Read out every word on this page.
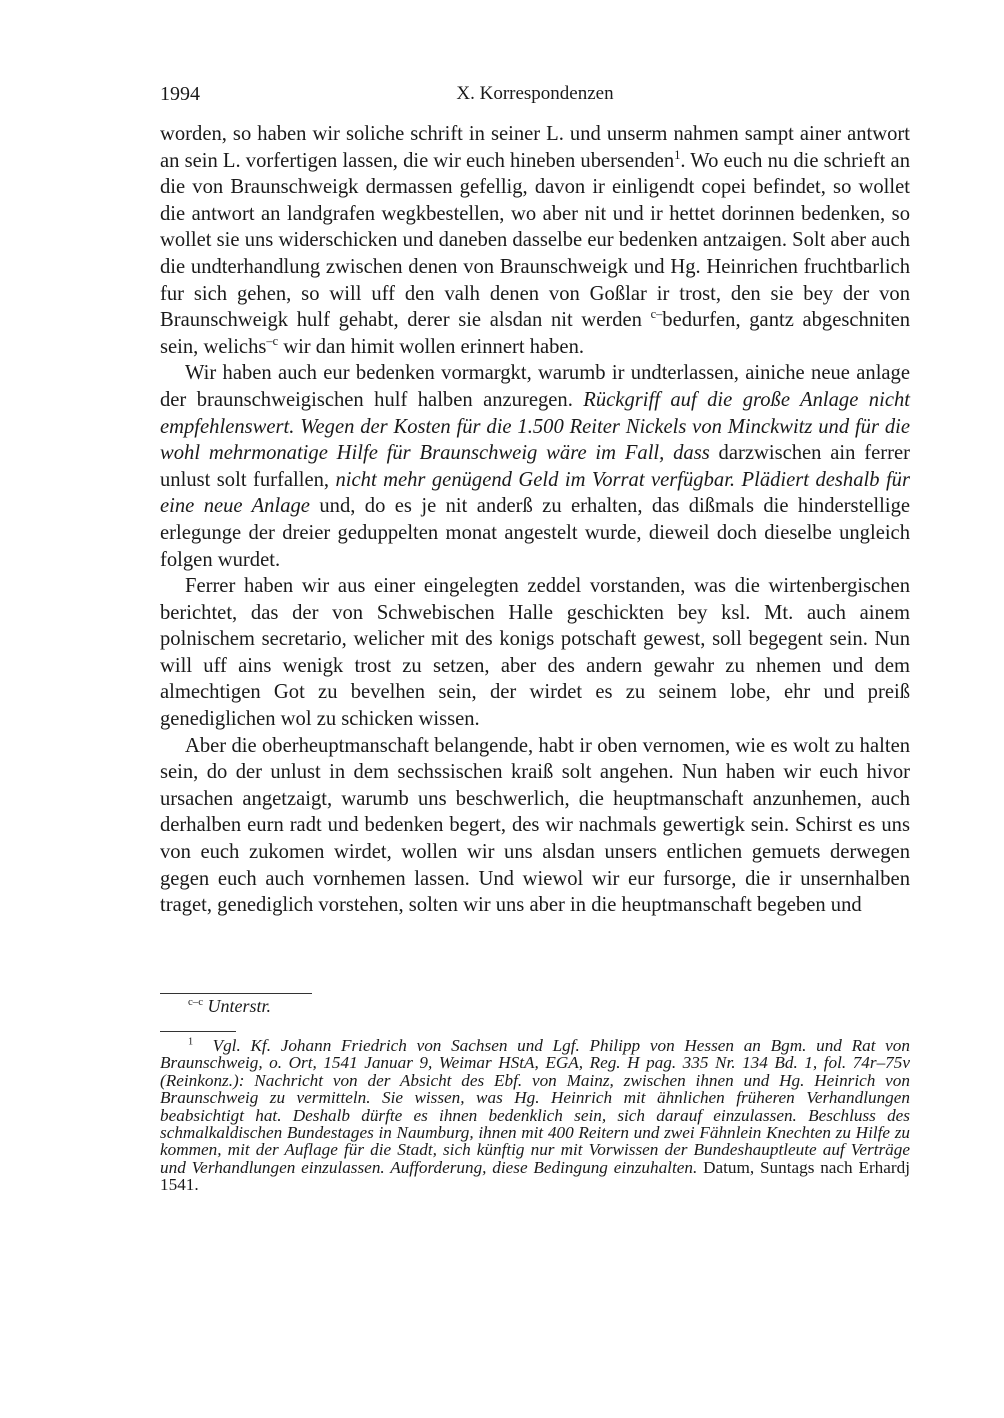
1994	X. Korrespondenzen

worden, so haben wir soliche schrift in seiner L. und unserm nahmen sampt ainer antwort an sein L. vorfertigen lassen, die wir euch hineben ubersenden$^1$. Wo euch nu die schrieft an die von Braunschweigk dermassen gefellig, davon ir einligendt copei befindet, so wollet die antwort an landgrafen wegkbestellen, wo aber nit und ir hettet dorinnen bedenken, so wollet sie uns widerschicken und daneben dasselbe eur bedenken antzaigen. Solt aber auch die undterhandlung zwischen denen von Braunschweigk und Hg. Heinrichen fruchtbarlich fur sich gehen, so will uff den valh denen von Goßlar ir trost, den sie bey der von Braunschweigk hulf gehabt, derer sie alsdan nit werden $^{c-}$bedurfen, gantz abgeschniten sein, welichs$^{-c}$ wir dan himit wollen erinnert haben.

Wir haben auch eur bedenken vormargkt, warumb ir undterlassen, ainiche neue anlage der braunschweigischen hulf halben anzuregen. Rückgriff auf die große Anlage nicht empfehlenswert. Wegen der Kosten für die 1.500 Reiter Nickels von Minckwitz und für die wohl mehrmonatige Hilfe für Braunschweig wäre im Fall, dass darzwischen ain ferrer unlust solt furfallen, nicht mehr genügend Geld im Vorrat verfügbar. Plädiert deshalb für eine neue Anlage und, do es je nit anderß zu erhalten, das dißmals die hinderstellige erlegunge der dreier geduppelten monat angestelt wurde, dieweil doch dieselbe ungleich folgen wurdet.

Ferrer haben wir aus einer eingelegten zeddel vorstanden, was die wirtenbergischen berichtet, das der von Schwebischen Halle geschickten bey ksl. Mt. auch ainem polnischem secretario, welicher mit des konigs potschaft gewest, soll begegent sein. Nun will uff ains wenigk trost zu setzen, aber des andern gewahr zu nhemen und dem almechtigen Got zu bevelhen sein, der wirdet es zu seinem lobe, ehr und preiß genediglichen wol zu schicken wissen.

Aber die oberheuptmanschaft belangende, habt ir oben vernomen, wie es wolt zu halten sein, do der unlust in dem sechssischen kraiß solt angehen. Nun haben wir euch hivor ursachen angetzaigt, warumb uns beschwerlich, die heuptmanschaft anzunhemen, auch derhalben eurn radt und bedenken begert, des wir nachmals gewertigk sein. Schirst es uns von euch zukomen wirdet, wollen wir uns alsdan unsers entlichen gemuets derwegen gegen euch auch vornhemen lassen. Und wiewol wir eur fursorge, die ir unsernhalben traget, genediglich vorstehen, solten wir uns aber in die heuptmanschaft begeben und

$^{c-c}$ Unterstr.

$^1$ Vgl. Kf. Johann Friedrich von Sachsen und Lgf. Philipp von Hessen an Bgm. und Rat von Braunschweig, o. Ort, 1541 Januar 9, Weimar HStA, EGA, Reg. H pag. 335 Nr. 134 Bd. 1, fol. 74r–75v (Reinkonz.): Nachricht von der Absicht des Ebf. von Mainz, zwischen ihnen und Hg. Heinrich von Braunschweig zu vermitteln. Sie wissen, was Hg. Heinrich mit ähnlichen früheren Verhandlungen beabsichtigt hat. Deshalb dürfte es ihnen bedenklich sein, sich darauf einzulassen. Beschluss des schmalkaldischen Bundestages in Naumburg, ihnen mit 400 Reitern und zwei Fähnlein Knechten zu Hilfe zu kommen, mit der Auflage für die Stadt, sich künftig nur mit Vorwissen der Bundeshauptleute auf Verträge und Verhandlungen einzulassen. Aufforderung, diese Bedingung einzuhalten. Datum, Suntags nach Erhardj 1541.
